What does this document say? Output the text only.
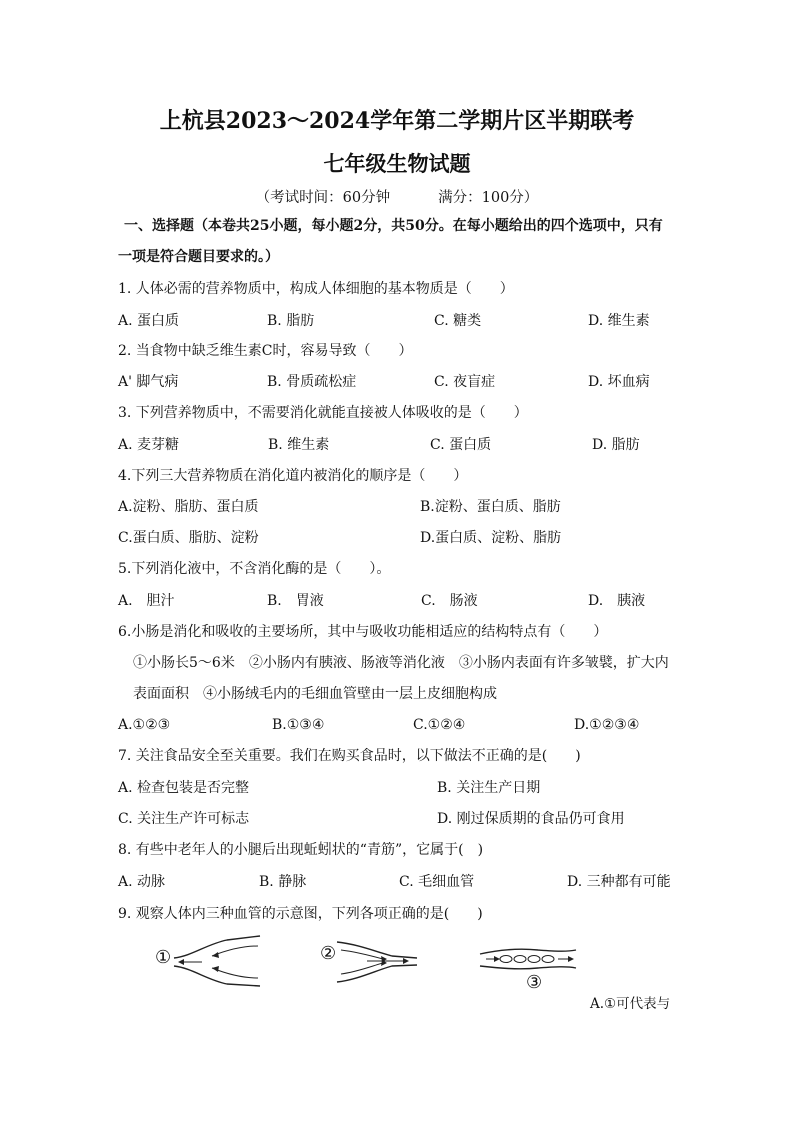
上杭县2023～2024学年第二学期片区半期联考
七年级生物试题
（考试时间：60分钟	满分：100分）
一、选择题（本卷共25小题，每小题2分，共50分。在每小题给出的四个选项中，只有
一项是符合题目要求的。）
1. 人体必需的营养物质中，构成人体细胞的基本物质是（　　）
A. 蛋白质	B. 脂肪	C. 糖类	D. 维生素
2. 当食物中缺乏维生素C时，容易导致（　　）
A' 脚气病	B. 骨质疏松症	C. 夜盲症	D. 坏血病
3. 下列营养物质中，不需要消化就能直接被人体吸收的是（　　）
A. 麦芽糖	B. 维生素	C. 蛋白质	D. 脂肪
4.下列三大营养物质在消化道内被消化的顺序是（　　）
A.淀粉、脂肪、蛋白质	B.淀粉、蛋白质、脂肪
C.蛋白质、脂肪、淀粉	D.蛋白质、淀粉、脂肪
5.下列消化液中，不含消化酶的是（　　）。
A.　胆汁	B.　胃液	C.　肠液	D.　胰液
6.小肠是消化和吸收的主要场所，其中与吸收功能相适应的结构特点有（　　）
①小肠长5～6米　②小肠内有胰液、肠液等消化液　③小肠内表面有许多皱襞，扩大内
表面面积　④小肠绒毛内的毛细血管壁由一层上皮细胞构成
A.①②③	B.①③④	C.①②④	D.①②③④
7. 关注食品安全至关重要。我们在购买食品时，以下做法不正确的是(　　)
A. 检查包装是否完整	B. 关注生产日期
C. 关注生产许可标志	D. 刚过保质期的食品仍可食用
8. 有些中老年人的小腿后出现蚯蚓状的“青筋”，它属于(　)
A. 动脉	B. 静脉	C. 毛细血管	D. 三种都有可能
9. 观察人体内三种血管的示意图，下列各项正确的是(　　)
①	②
③
A.①可代表与
